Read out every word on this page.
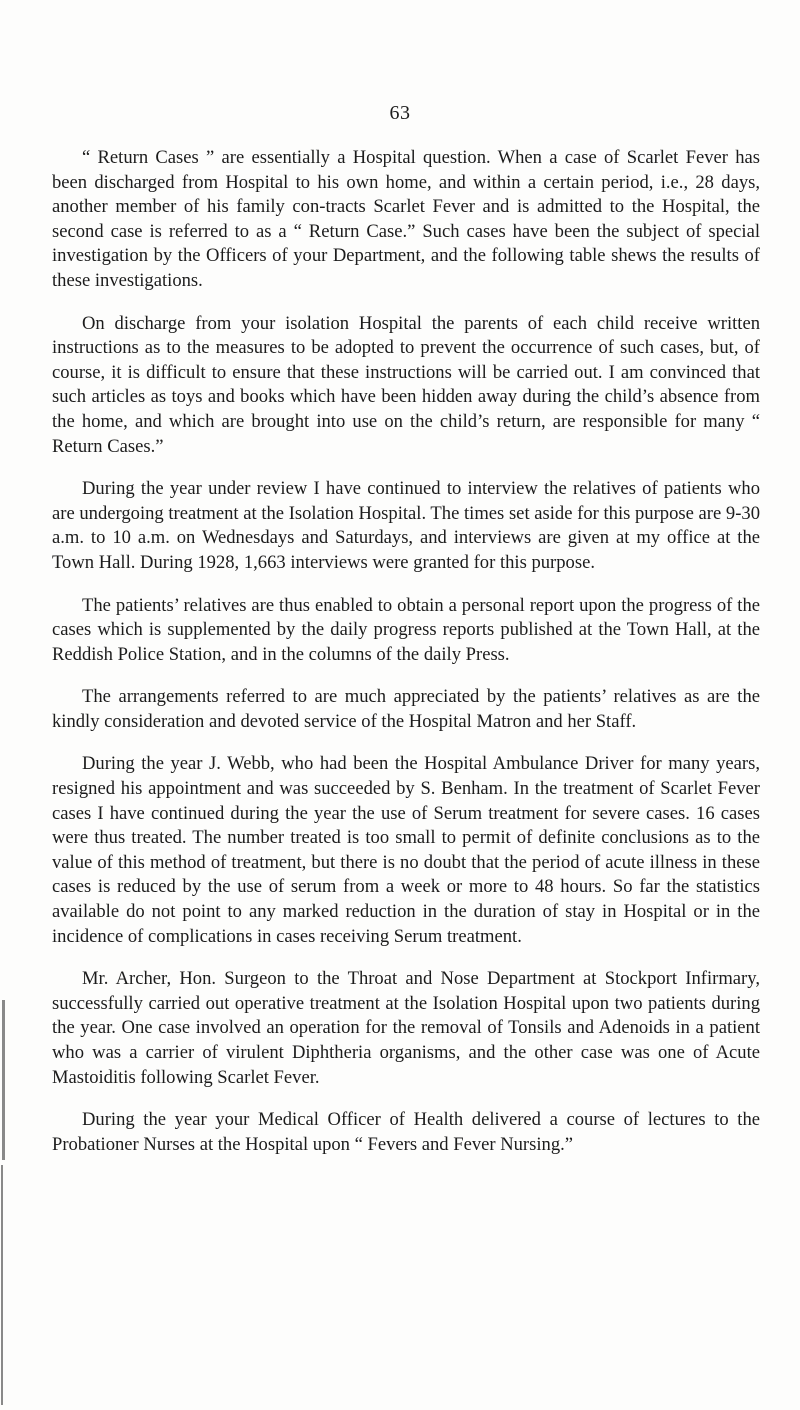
63

“ Return Cases ” are essentially a Hospital question. When a case of Scarlet Fever has been discharged from Hospital to his own home, and within a certain period, i.e., 28 days, another member of his family con-tracts Scarlet Fever and is admitted to the Hospital, the second case is referred to as a “ Return Case.” Such cases have been the subject of special investigation by the Officers of your Department, and the following table shews the results of these investigations.

On discharge from your isolation Hospital the parents of each child receive written instructions as to the measures to be adopted to prevent the occurrence of such cases, but, of course, it is difficult to ensure that these instructions will be carried out. I am convinced that such articles as toys and books which have been hidden away during the child’s absence from the home, and which are brought into use on the child’s return, are responsible for many “ Return Cases.”

During the year under review I have continued to interview the relatives of patients who are undergoing treatment at the Isolation Hospital. The times set aside for this purpose are 9-30 a.m. to 10 a.m. on Wednesdays and Saturdays, and interviews are given at my office at the Town Hall. During 1928, 1,663 interviews were granted for this purpose.

The patients’ relatives are thus enabled to obtain a personal report upon the progress of the cases which is supplemented by the daily progress reports published at the Town Hall, at the Reddish Police Station, and in the columns of the daily Press.

The arrangements referred to are much appreciated by the patients’ relatives as are the kindly consideration and devoted service of the Hospital Matron and her Staff.

During the year J. Webb, who had been the Hospital Ambulance Driver for many years, resigned his appointment and was succeeded by S. Benham. In the treatment of Scarlet Fever cases I have continued during the year the use of Serum treatment for severe cases. 16 cases were thus treated. The number treated is too small to permit of definite conclusions as to the value of this method of treatment, but there is no doubt that the period of acute illness in these cases is reduced by the use of serum from a week or more to 48 hours. So far the statistics available do not point to any marked reduction in the duration of stay in Hospital or in the incidence of complications in cases receiving Serum treatment.

Mr. Archer, Hon. Surgeon to the Throat and Nose Department at Stockport Infirmary, successfully carried out operative treatment at the Isolation Hospital upon two patients during the year. One case involved an operation for the removal of Tonsils and Adenoids in a patient who was a carrier of virulent Diphtheria organisms, and the other case was one of Acute Mastoiditis following Scarlet Fever.

During the year your Medical Officer of Health delivered a course of lectures to the Probationer Nurses at the Hospital upon “ Fevers and Fever Nursing.”
